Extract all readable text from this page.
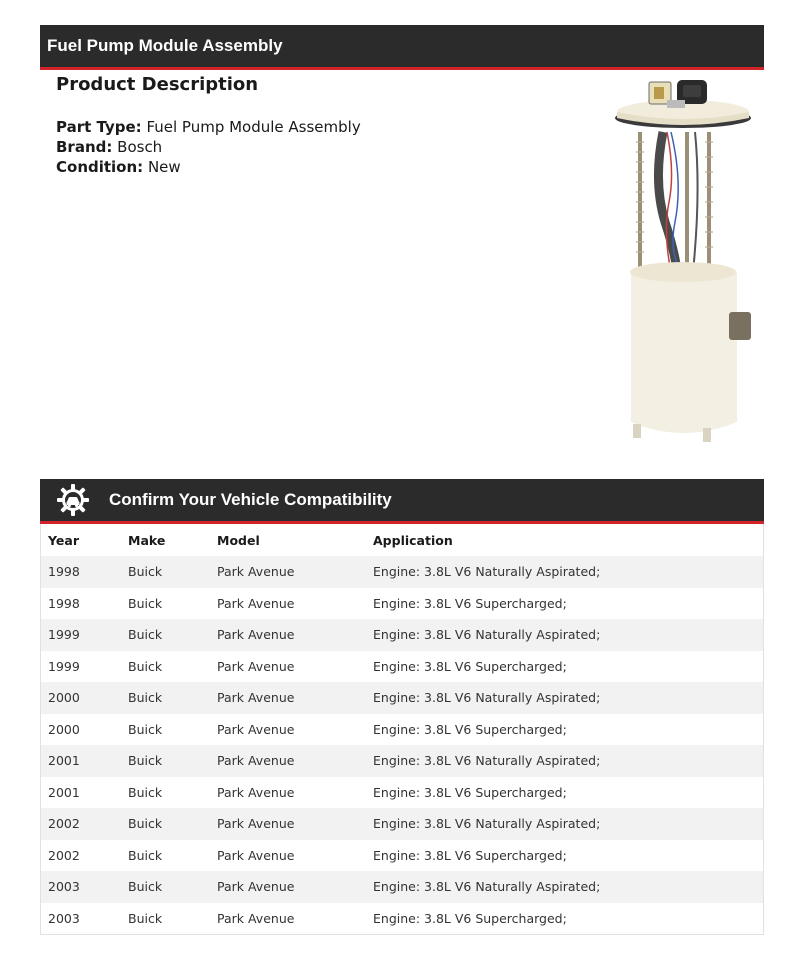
Fuel Pump Module Assembly
Product Description
Part Type: Fuel Pump Module Assembly
Brand: Bosch
Condition: New
Confirm Your Vehicle Compatibility
Year	Make	Model	Application
1998	Buick	Park Avenue	Engine: 3.8L V6 Naturally Aspirated;
1998	Buick	Park Avenue	Engine: 3.8L V6 Supercharged;
1999	Buick	Park Avenue	Engine: 3.8L V6 Naturally Aspirated;
1999	Buick	Park Avenue	Engine: 3.8L V6 Supercharged;
2000	Buick	Park Avenue	Engine: 3.8L V6 Naturally Aspirated;
2000	Buick	Park Avenue	Engine: 3.8L V6 Supercharged;
2001	Buick	Park Avenue	Engine: 3.8L V6 Naturally Aspirated;
2001	Buick	Park Avenue	Engine: 3.8L V6 Supercharged;
2002	Buick	Park Avenue	Engine: 3.8L V6 Naturally Aspirated;
2002	Buick	Park Avenue	Engine: 3.8L V6 Supercharged;
2003	Buick	Park Avenue	Engine: 3.8L V6 Naturally Aspirated;
2003	Buick	Park Avenue	Engine: 3.8L V6 Supercharged;
